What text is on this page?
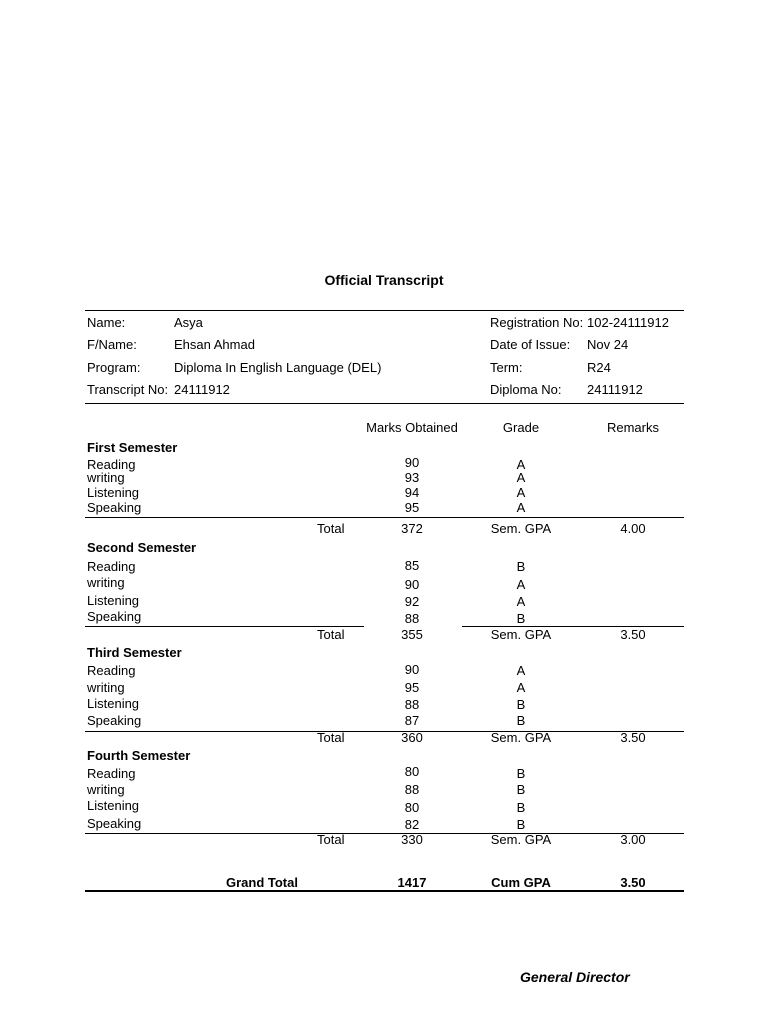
Official Transcript
Name:	Asya
F/Name:	Ehsan Ahmad
Program:	Diploma In English Language (DEL)
Transcript No: 24111912
Registration No: 102-24111912
Date of Issue: Nov 24
Term:	R24
Diploma No: 24111912
Marks Obtained	Grade	Remarks
First Semester
Reading	90	A
writing	93	A
Listening	94	A
Speaking	95	A
Total	372	Sem. GPA	4.00
Second Semester
Reading	85	B
writing	90	A
Listening	92	A
Speaking	88	B
Total	355	Sem. GPA	3.50
Third Semester
Reading	90	A
writing	95	A
Listening	88	B
Speaking	87	B
Total	360	Sem. GPA	3.50
Fourth Semester
Reading	80	B
writing	88	B
Listening	80	B
Speaking	82	B
Total	330	Sem. GPA	3.00
Grand Total	1417	Cum GPA	3.50
General Director
